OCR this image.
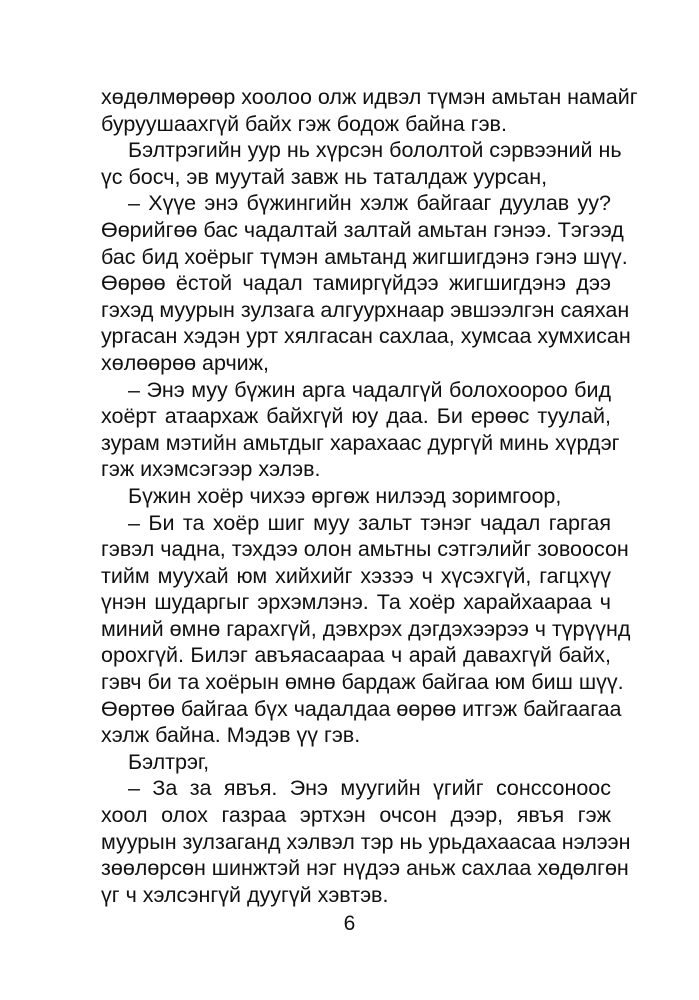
хөдөлмөрөөр хоолоо олж идвэл түмэн амьтан намайг
буруушаахгүй байх гэж бодож байна гэв.
Бэлтрэгийн уур нь хүрсэн бололтой сэрвээний нь
үс босч, эв муутай завж нь таталдаж уурсан,
– Хүүе энэ бүжингийн хэлж байгааг дуулав уу?
Өөрийгөө бас чадалтай залтай амьтан гэнээ. Тэгээд
бас бид хоёрыг түмэн амьтанд жигшигдэнэ гэнэ шүү.
Өөрөө ёстой чадал тамиргүйдээ жигшигдэнэ дээ
гэхэд муурын зулзага алгуурхнаар эвшээлгэн саяхан
ургасан хэдэн урт хялгасан сахлаа, хумсаа хумхисан
хөлөөрөө арчиж,
– Энэ муу бүжин арга чадалгүй болохоороо бид
хоёрт атаархаж байхгүй юу даа. Би ерөөс туулай,
зурам мэтийн амьтдыг харахаас дургүй минь хүрдэг
гэж ихэмсэгээр хэлэв.
Бүжин хоёр чихээ өргөж нилээд зоримгоор,
– Би та хоёр шиг муу зальт тэнэг чадал гаргая
гэвэл чадна, тэхдээ олон амьтны сэтгэлийг зовоосон
тийм муухай юм хийхийг хэзээ ч хүсэхгүй, гагцхүү
үнэн шударгыг эрхэмлэнэ. Та хоёр харайхаараа ч
миний өмнө гарахгүй, дэвхрэх дэгдэхээрээ ч түрүүнд
орохгүй. Билэг авъяасаараа ч арай давахгүй байх,
гэвч би та хоёрын өмнө бардаж байгаа юм биш шүү.
Өөртөө байгаа бүх чадалдаа өөрөө итгэж байгаагаа
хэлж байна. Мэдэв үү гэв.
Бэлтрэг,
– За за явъя. Энэ муугийн үгийг сонссоноос
хоол олох газраа эртхэн очсон дээр, явъя гэж
муурын зулзаганд хэлвэл тэр нь урьдахаасаа нэлээн
зөөлөрсөн шинжтэй нэг нүдээ аньж сахлаа хөдөлгөн
үг ч хэлсэнгүй дуугүй хэвтэв.
6
